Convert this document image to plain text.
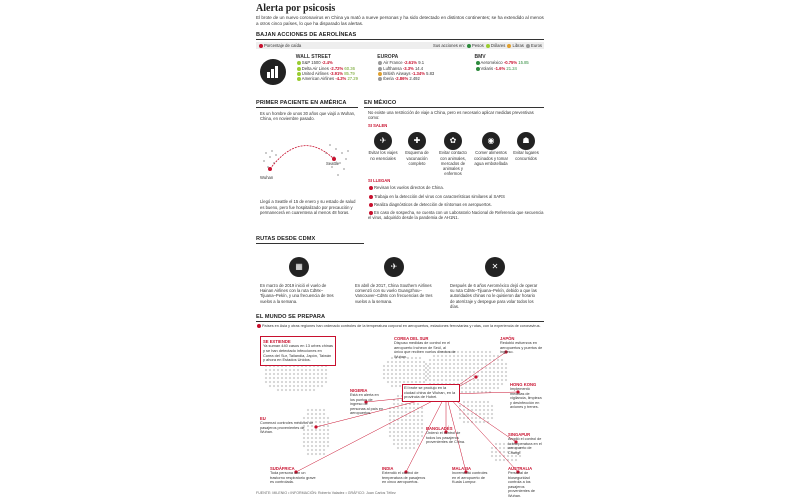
Alerta por psicosis
El brote de un nuevo coronavirus en China ya mató a nueve personas y ha sido detectado en distintos continentes; se ha extendido al menos a otros cinco países, lo que ha disparado las alertas.
BAJAN ACCIONES DE AEROLÍNEAS
Porcentaje de caída	Sus acciones en: Pesos Dólares Libras Euros
WALL STREET
S&P 1500 -2.4%
Delta Air Lines -2.72% 60.36
United Airlines -3.91% 85.79
American Airlines -4.2% 27.29
EUROPA
Air France -2.61% 9.1
Lufthansa -3.3% 14.4
British Airways -1.34% 5.83
Iberia -2.86% 2.492
BMV
Aeroméxico -0.75% 15.85
Volaris -1.6% 21.24
PRIMER PACIENTE EN AMÉRICA
Es un hombre de unos 30 años que viajó a Wuhan, China, en noviembre pasado.
Wuhan
Seattle
Llegó a Seattle el 15 de enero y su estado de salud es bueno, pero fue hospitalizado por precaución y permanecerá en cuarentena al menos 48 horas.
EN MÉXICO
No existe una restricción de viaje a China, pero es necesario aplicar medidas preventivas como:
SI SALEN
✈
Evitar los viajes no esenciales
✚
Esquema de vacunación completo
✿
Evitar contacto con animales, mercados de animales y enfermos
◉
Comer alimentos cocinados y tomar agua embotellada
☗
Evitar lugares concurridos
SI LLEGAN
Revisan los vuelos directos de China.
Trabaja en la detección del virus con características similares al SARS
Realiza diagnósticos de detección de síntomas en aeropuertos.
En caso de sospecha, se cuenta con un Laboratorio Nacional de Referencia que secuencia el virus, adquirido desde la pandemia de AH1N1.
RUTAS DESDE CDMX
▦
En marzo de 2019 inició el vuelo de Hainan Airlines con la ruta CdMx–Tijuana–Pekín, y una frecuencia de tres vuelos a la semana.
✈
En abril de 2017, China Southern Airlines comenzó con su vuelo Guangzhou–Vancouver–CdMx con frecuencias de tres vuelos a la semana.
✕
Después de 6 años Aeroméxico dejó de operar su ruta CdMx–Tijuana–Pekín, debido a que las autoridades chinas no le quisieron dar horario de aterrizaje y despegue para volar todos los días.
EL MUNDO SE PREPARA
Países en Asia y otras regiones han ordenado controles de la temperatura corporal en aeropuertos, estaciones ferroviarias y rutas, con la experiencia de coronavirus.
SE EXTIENDE
Ya suman 440 casos en 13 urbes chinas y se han detectado infecciones en Corea del Sur, Tailandia, Japón, Taiwán y ahora en Estados Unidos.
El brote se produjo en la ciudad china de Wuhan, en la provincia de Hubei.
COREA DEL SUR
Dispuso medidas de control en el aeropuerto Incheon de Seúl, al único que reciben vuelos directos de Wuhan.
JAPÓN
Redobló esfuerzos en aeropuertos y puertos de ingreso.
HONG KONG
Implementó medidas de vigilancia, limpieza y desinfección en aviones y trenes.
NIGERIA
Está en alerta en los puntos de ingreso de personas al país en aeropuertos.
EU
Comenzó controles médicos de pasajeros provenientes de Wuhan.
BANGLADÉS
Ordenó el control de todos los pasajeros provenientes de China.
SINGAPUR
Amplió el control de la temperatura en el aeropuerto de Changi.
SUDÁFRICA
Toda persona con un trastorno respiratorio grave es controlada.
INDIA
Extendió el control de temperatura de pasajeros en cinco aeropuertos.
MALASIA
Incrementó controles en el aeropuerto de Kuala Lumpur.
AUSTRALIA
Personal de bioseguridad controla a los pasajeros provenientes de Wuhan.
FUENTE: MILENIO • INFORMACIÓN: Roberto Valadez • GRÁFICO: Juan Carlos Téllez
